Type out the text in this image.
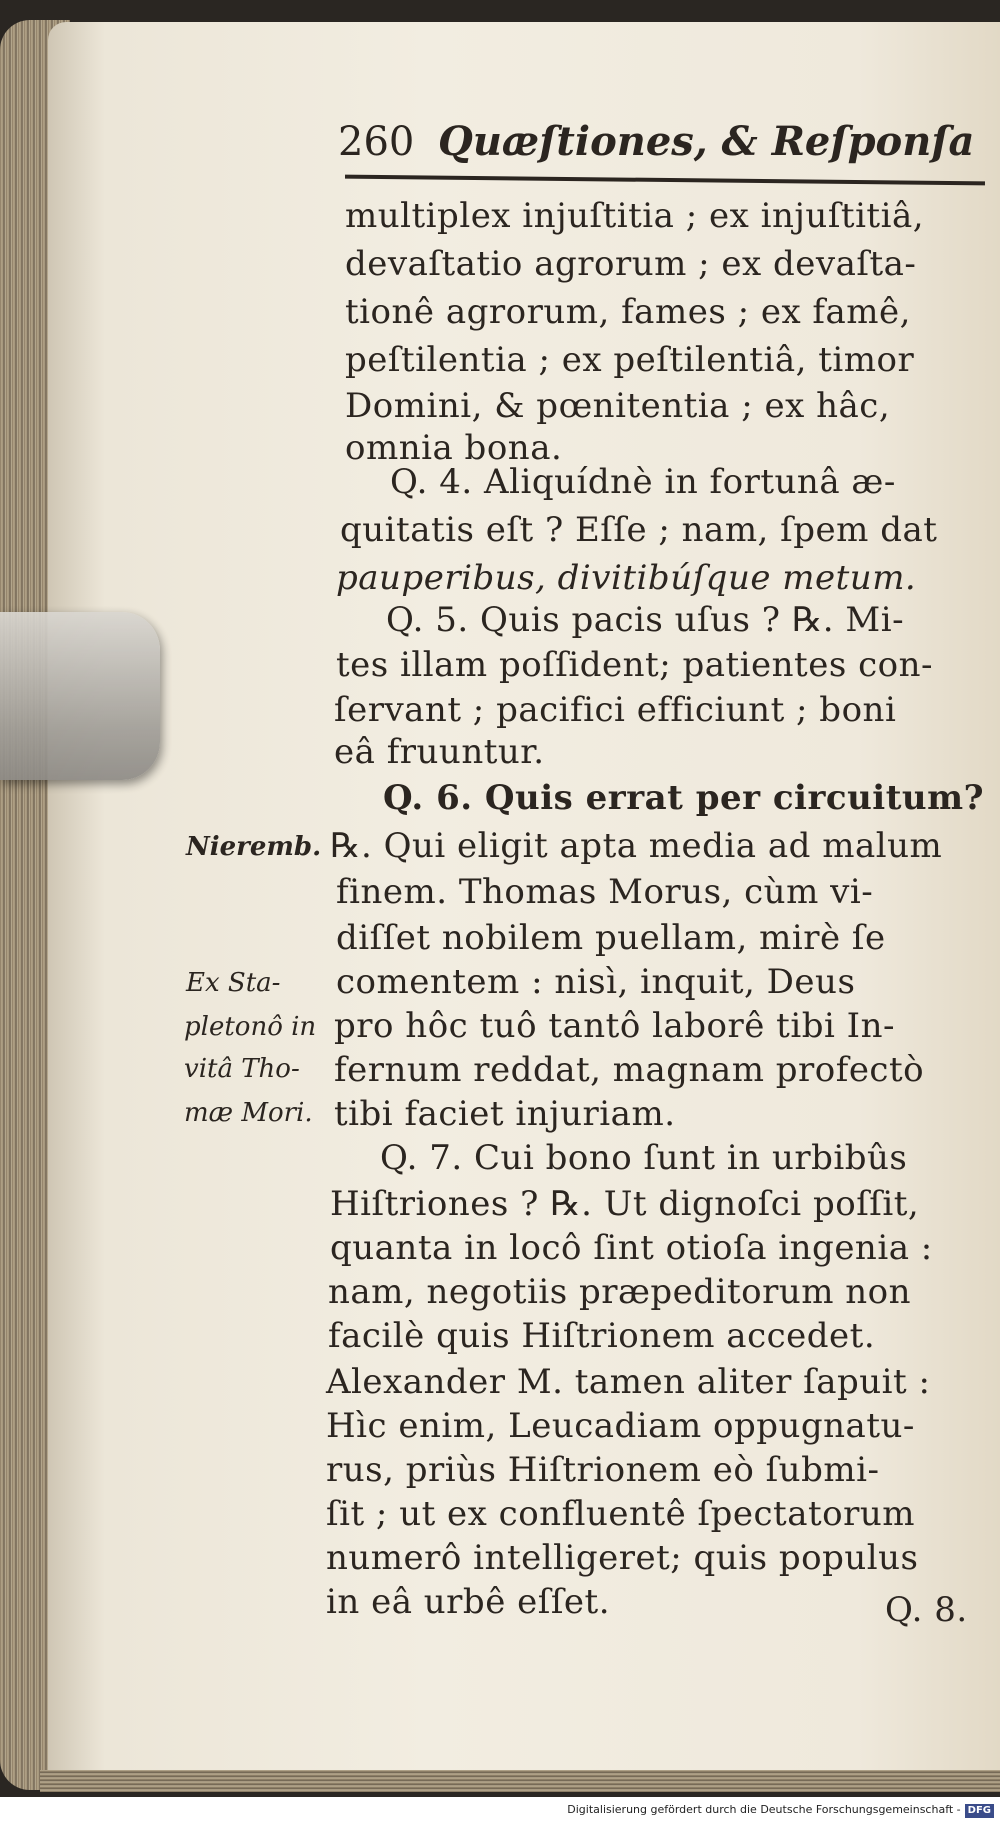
260 Quæſtiones, & Reſponſa
multiplex injuſtitia ; ex injuſtitiâ,
devaſtatio agrorum ; ex devaſta-
tionê agrorum, fames ; ex famê,
peſtilentia ; ex peſtilentiâ, timor
Domini, & pœnitentia ; ex hâc,
omnia bona.
Q. 4. Aliquídnè in fortunâ æ-
quitatis eſt ? Eſſe ; nam, ſpem dat
pauperibus, divitibúſque metum.
Q. 5. Quis pacis uſus ? ℞. Mi-
tes illam poſſident; patientes con-
ſervant ; pacifici efficiunt ; boni
eâ fruuntur.
Q. 6. Quis errat per circuitum?
℞. Qui eligit apta media ad malum
finem. Thomas Morus, cùm vi-
diſſet nobilem puellam, mirè ſe
comentem : nisì, inquit, Deus
pro hôc tuô tantô laborê tibi In-
fernum reddat, magnam profectò
tibi faciet injuriam.
Q. 7. Cui bono ſunt in urbibûs
Hiſtriones ? ℞. Ut dignoſci poſſit,
quanta in locô ſint otioſa ingenia :
nam, negotiis præpeditorum non
facilè quis Hiſtrionem accedet.
Alexander M. tamen aliter ſapuit :
Hìc enim, Leucadiam oppugnatu-
rus, priùs Hiſtrionem eò ſubmi-
ſit ; ut ex confluentê ſpectatorum
numerô intelligeret; quis populus
in eâ urbê eſſet.	Q. 8.
Nieremb.
Ex Sta-
pletonô in
vitâ Tho-
mæ Mori.
Digitalisierung gefördert durch die Deutsche Forschungsgemeinschaft - DFG
